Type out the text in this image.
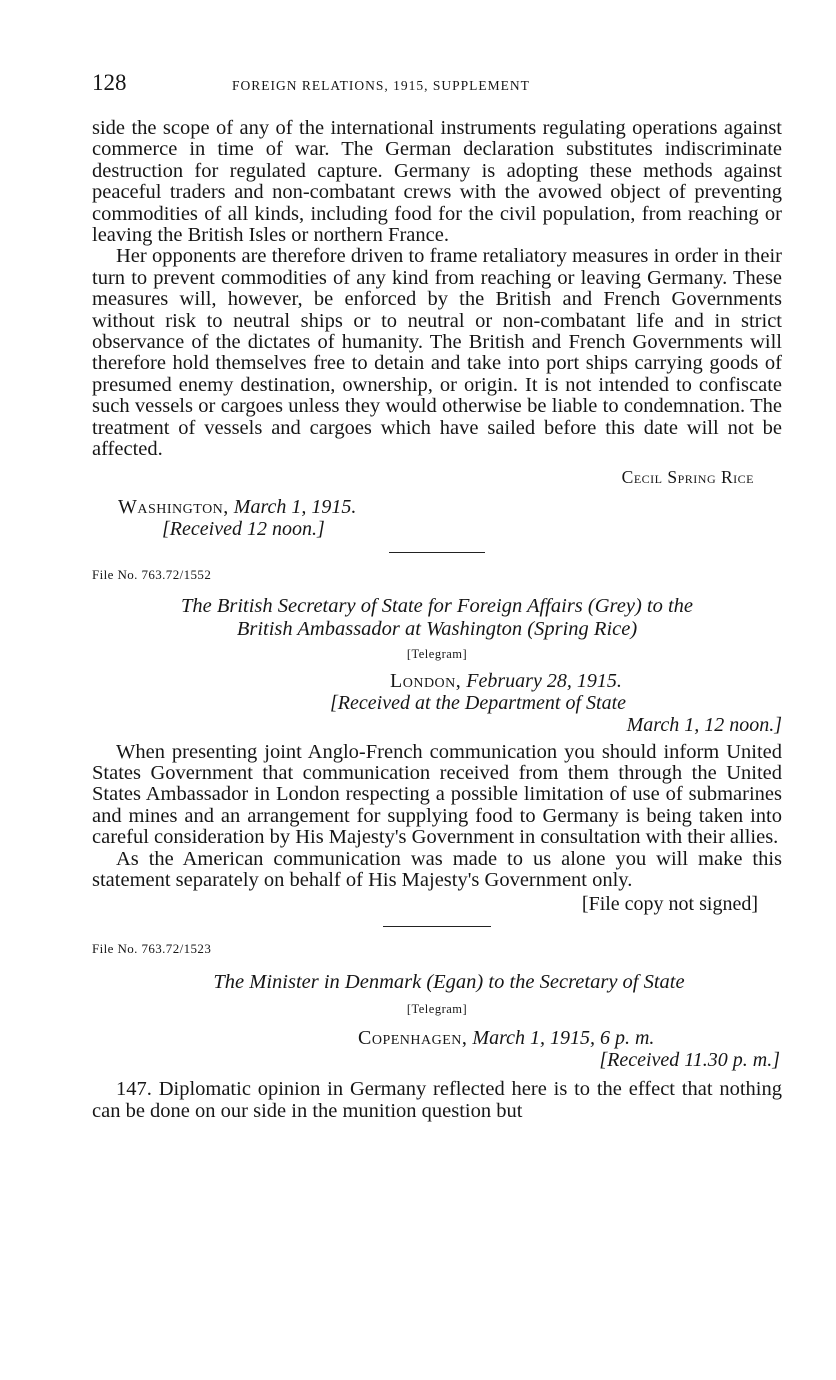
128	FOREIGN RELATIONS, 1915, SUPPLEMENT

side the scope of any of the international instruments regulating operations against commerce in time of war. The German declaration substitutes indiscriminate destruction for regulated capture. Germany is adopting these methods against peaceful traders and non-combatant crews with the avowed object of preventing commodities of all kinds, including food for the civil population, from reaching or leaving the British Isles or northern France.

Her opponents are therefore driven to frame retaliatory measures in order in their turn to prevent commodities of any kind from reaching or leaving Germany. These measures will, however, be enforced by the British and French Governments without risk to neutral ships or to neutral or non-combatant life and in strict observance of the dictates of humanity. The British and French Governments will therefore hold themselves free to detain and take into port ships carrying goods of presumed enemy destination, ownership, or origin. It is not intended to confiscate such vessels or cargoes unless they would otherwise be liable to condemnation. The treatment of vessels and cargoes which have sailed before this date will not be affected.

Cecil Spring Rice
Washington, March 1, 1915.
[Received 12 noon.]
File No. 763.72/1552
The British Secretary of State for Foreign Affairs (Grey) to the
British Ambassador at Washington (Spring Rice)
[Telegram]
London, February 28, 1915.
[Received at the Department of State
March 1, 12 noon.]

When presenting joint Anglo-French communication you should inform United States Government that communication received from them through the United States Ambassador in London respecting a possible limitation of use of submarines and mines and an arrangement for supplying food to Germany is being taken into careful consideration by His Majesty's Government in consultation with their allies.

As the American communication was made to us alone you will make this statement separately on behalf of His Majesty's Government only.

[File copy not signed]
File No. 763.72/1523
The Minister in Denmark (Egan) to the Secretary of State
[Telegram]
Copenhagen, March 1, 1915, 6 p. m.
[Received 11.30 p. m.]

147. Diplomatic opinion in Germany reflected here is to the effect that nothing can be done on our side in the munition question but
